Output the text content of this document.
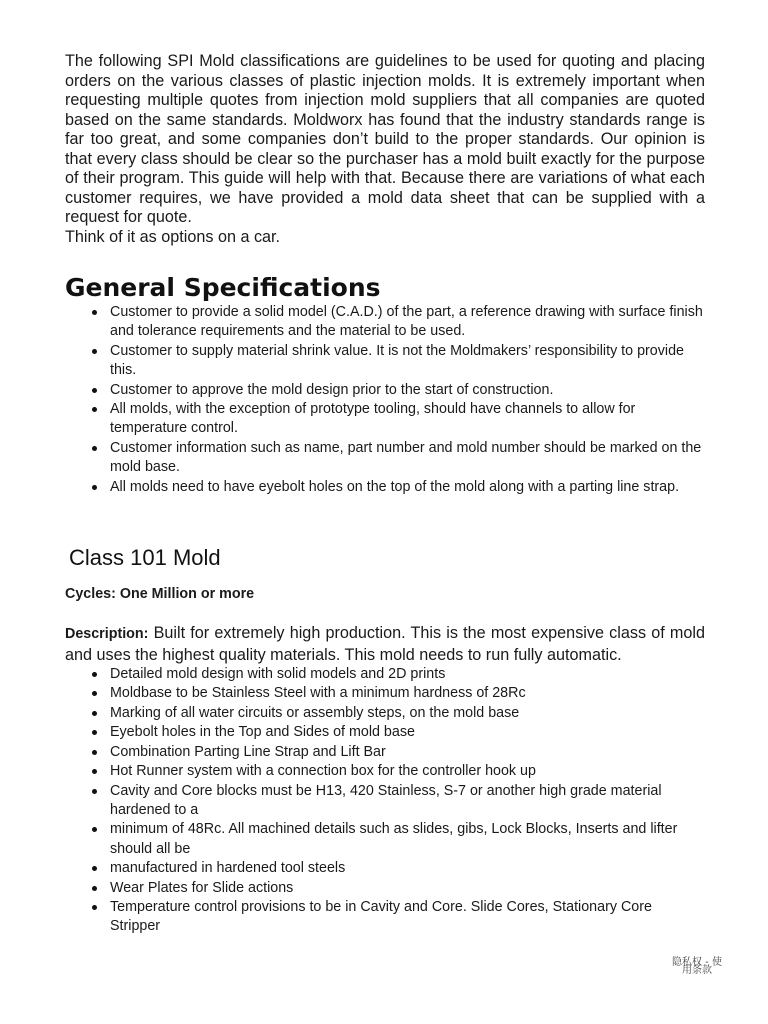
The following SPI Mold classifications are guidelines to be used for quoting and placing orders on the various classes of plastic injection molds. It is extremely important when requesting multiple quotes from injection mold suppliers that all companies are quoted based on the same standards. Moldworx has found that the industry standards range is far too great, and some companies don’t build to the proper standards. Our opinion is that every class should be clear so the purchaser has a mold built exactly for the purpose of their program. This guide will help with that. Because there are variations of what each customer requires, we have provided a mold data sheet that can be supplied with a request for quote.

Think of it as options on a car.

General Specifications
Customer to provide a solid model (C.A.D.) of the part, a reference drawing with surface finish and tolerance requirements and the material to be used.
Customer to supply material shrink value. It is not the Moldmakers’ responsibility to provide this.
Customer to approve the mold design prior to the start of construction.
All molds, with the exception of prototype tooling, should have channels to allow for temperature control.
Customer information such as name, part number and mold number should be marked on the mold base.
All molds need to have eyebolt holes on the top of the mold along with a parting line strap.
Class 101 Mold

Cycles: One Million or more

Description: Built for extremely high production. This is the most expensive class of mold and uses the highest quality materials. This mold needs to run fully automatic.

Detailed mold design with solid models and 2D prints
Moldbase to be Stainless Steel with a minimum hardness of 28Rc
Marking of all water circuits or assembly steps, on the mold base
Eyebolt holes in the Top and Sides of mold base
Combination Parting Line Strap and Lift Bar
Hot Runner system with a connection box for the controller hook up
Cavity and Core blocks must be H13, 420 Stainless, S-7 or another high grade material hardened to a
minimum of 48Rc. All machined details such as slides, gibs, Lock Blocks, Inserts and lifter should all be
manufactured in hardened tool steels
Wear Plates for Slide actions
Temperature control provisions to be in Cavity and Core. Slide Cores, Stationary Core Stripper
隐私权 - 使
用条款
